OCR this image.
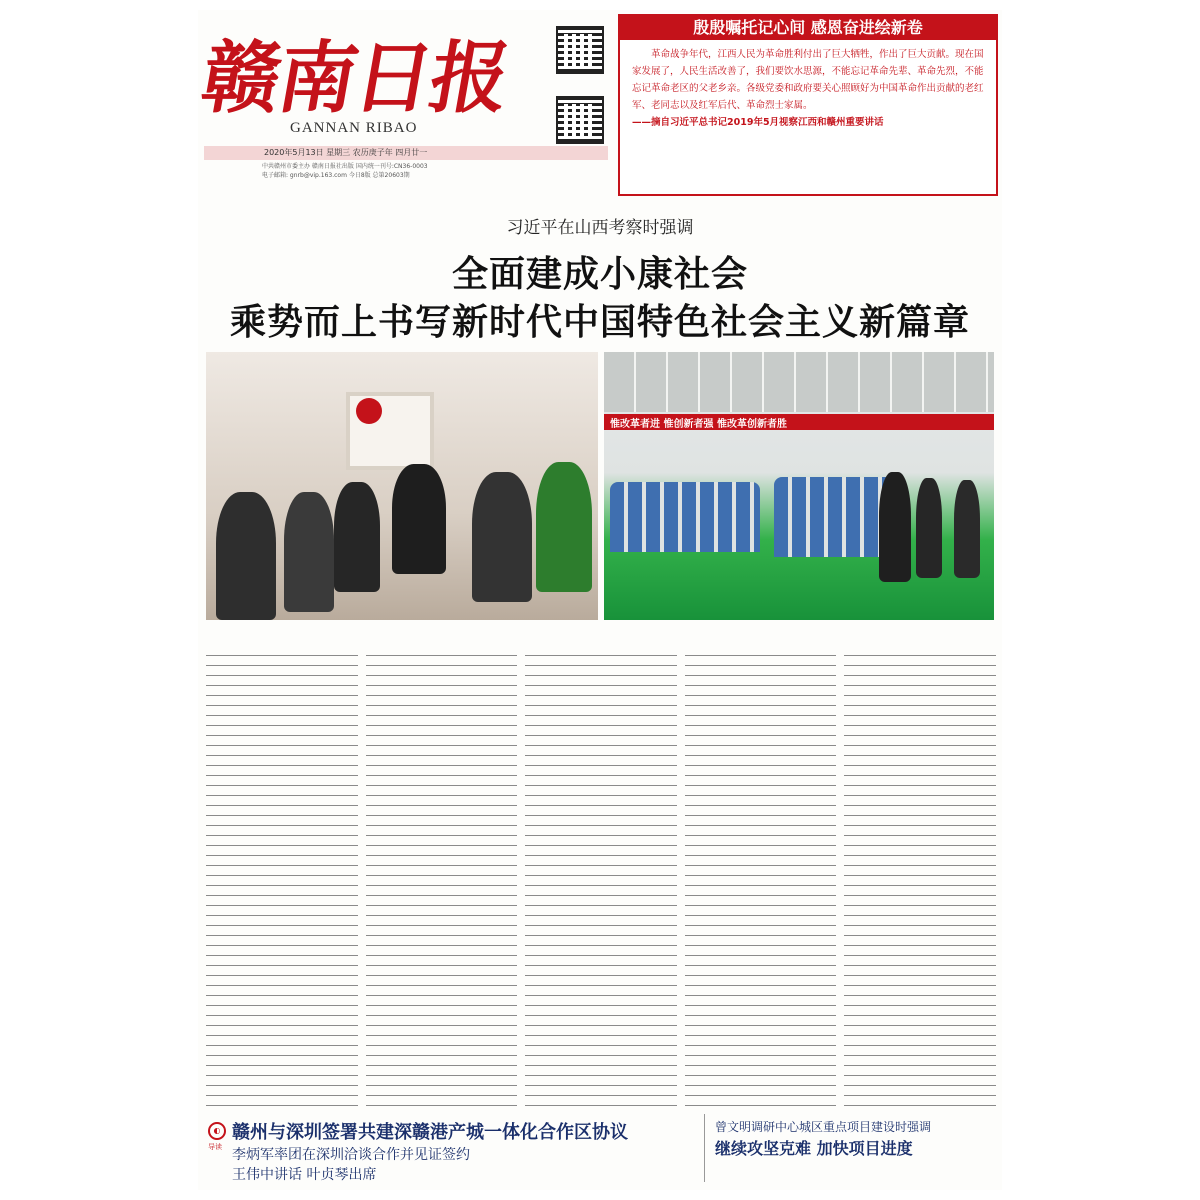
赣南日报
GANNAN RIBAO
2020年5月13日 星期三 农历庚子年 四月廿一
中共赣州市委主办 赣南日报社出版 国内统一刊号:CN36-0003
电子邮箱: gnrb@vip.163.com 今日8版 总第20603期
殷殷嘱托记心间 感恩奋进绘新卷
革命战争年代，江西人民为革命胜利付出了巨大牺牲，作出了巨大贡献。现在国家发展了，人民生活改善了，我们要饮水思源，不能忘记革命先辈、革命先烈，不能忘记革命老区的父老乡亲。各级党委和政府要关心照顾好为中国革命作出贡献的老红军、老同志以及红军后代、革命烈士家属。
——摘自习近平总书记2019年5月视察江西和赣州重要讲话
习近平在山西考察时强调
全面建成小康社会
乘势而上书写新时代中国特色社会主义新篇章
惟改革者进 惟创新者强 惟改革创新者胜
◐
导读
赣州与深圳签署共建深赣港产城一体化合作区协议
李炳军率团在深圳洽谈合作并见证签约
王伟中讲话 叶贞琴出席
曾文明调研中心城区重点项目建设时强调
继续攻坚克难 加快项目进度
